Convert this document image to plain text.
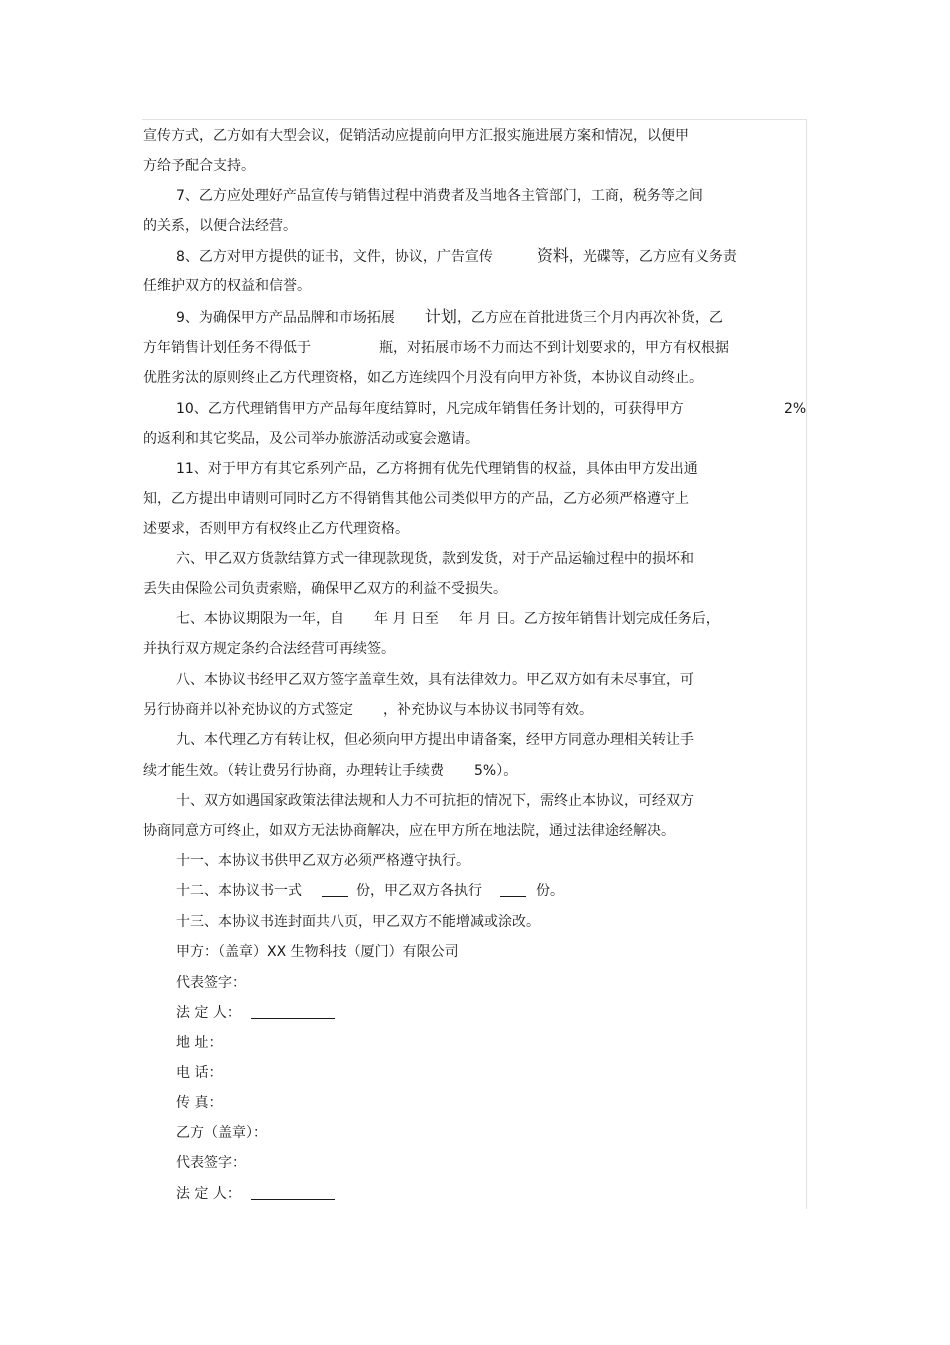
宣传方式，乙方如有大型会议，促销活动应提前向甲方汇报实施进展方案和情况，以便甲
方给予配合支持。
7、乙方应处理好产品宣传与销售过程中消费者及当地各主管部门，工商，税务等之间
的关系，以便合法经营。
8、乙方对甲方提供的证书，文件，协议，广告宣传	资料，光碟等，乙方应有义务责
任维护双方的权益和信誉。
9、为确保甲方产品品牌和市场拓展 计划，乙方应在首批进货三个月内再次补货，乙
方年销售计划任务不得低于	瓶，对拓展市场不力而达不到计划要求的，甲方有权根据
优胜劣汰的原则终止乙方代理资格，如乙方连续四个月没有向甲方补货，本协议自动终止。
10、乙方代理销售甲方产品每年度结算时，凡完成年销售任务计划的，可获得甲方	2%
的返利和其它奖品，及公司举办旅游活动或宴会邀请。
11、对于甲方有其它系列产品，乙方将拥有优先代理销售的权益，具体由甲方发出通
知，乙方提出申请则可同时乙方不得销售其他公司类似甲方的产品，乙方必须严格遵守上
述要求，否则甲方有权终止乙方代理资格。
六、甲乙双方货款结算方式一律现款现货，款到发货，对于产品运输过程中的损坏和
丢失由保险公司负责索赔，确保甲乙双方的利益不受损失。
七、本协议期限为一年，自 年 月 日至 年 月 日。乙方按年销售计划完成任务后，
并执行双方规定条约合法经营可再续签。
八、本协议书经甲乙双方签字盖章生效，具有法律效力。甲乙双方如有未尽事宜，可
另行协商并以补充协议的方式签定 ，补充协议与本协议书同等有效。
九、本代理乙方有转让权，但必须向甲方提出申请备案，经甲方同意办理相关转让手
续才能生效。（转让费另行协商，办理转让手续费 5%）。
十、双方如遇国家政策法律法规和人力不可抗拒的情况下，需终止本协议，可经双方
协商同意方可终止，如双方无法协商解决，应在甲方所在地法院，通过法律途经解决。
十一、本协议书供甲乙双方必须严格遵守执行。
十二、本协议书一式	份，甲乙双方各执行	份。
十三、本协议书连封面共八页，甲乙双方不能增减或涂改。
甲方：（盖章）XX 生物科技（厦门）有限公司
代表签字：
法 定 人：
地 址：
电 话：
传 真：
乙方（盖章）：
代表签字：
法 定 人：
